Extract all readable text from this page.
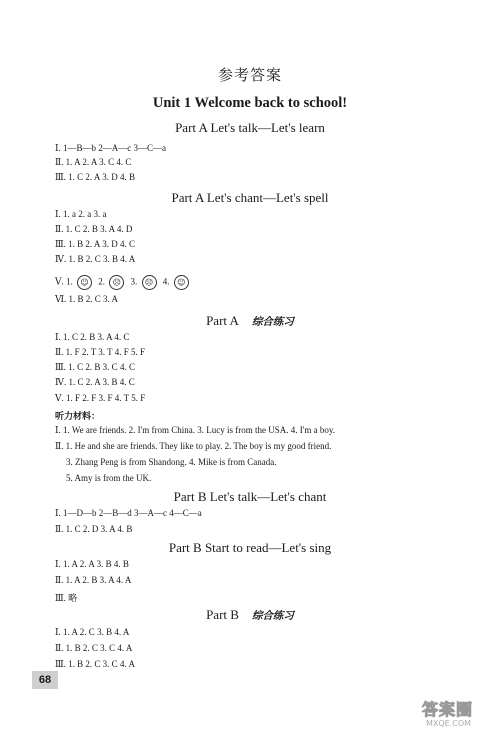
参考答案
Unit 1 Welcome back to school!
Part A Let's talk—Let's learn
Ⅰ. 1—B—b 2—A—c 3—C—a
Ⅱ. 1. A 2. A 3. C 4. C
Ⅲ. 1. C 2. A 3. D 4. B
Part A Let's chant—Let's spell
Ⅰ. 1. a 2. a 3. a
Ⅱ. 1. C 2. B 3. A 4. D
Ⅲ. 1. B 2. A 3. D 4. C
Ⅳ. 1. B 2. C 3. B 4. A
Ⅴ. 1. ☺ 2. ☹ 3. ☹ 4. ☺
Ⅵ. 1. B 2. C 3. A
Part A 综合练习
Ⅰ. 1. C 2. B 3. A 4. C
Ⅱ. 1. F 2. T 3. T 4. F 5. F
Ⅲ. 1. C 2. B 3. C 4. C
Ⅳ. 1. C 2. A 3. B 4. C
Ⅴ. 1. F 2. F 3. F 4. T 5. F
听力材料：
Ⅰ. 1. We are friends. 2. I'm from China. 3. Lucy is from the USA. 4. I'm a boy.
Ⅱ. 1. He and she are friends. They like to play. 2. The boy is my good friend.
3. Zhang Peng is from Shandong. 4. Mike is from Canada.
5. Amy is from the UK.
Part B Let's talk—Let's chant
Ⅰ. 1—D—b 2—B—d 3—A—c 4—C—a
Ⅱ. 1. C 2. D 3. A 4. B
Part B Start to read—Let's sing
Ⅰ. 1. A 2. A 3. B 4. B
Ⅱ. 1. A 2. B 3. A 4. A
Ⅲ. 略
Part B 综合练习
Ⅰ. 1. A 2. C 3. B 4. A
Ⅱ. 1. B 2. C 3. C 4. A
Ⅲ. 1. B 2. C 3. C 4. A
68
答案圈
MXQE.COM
